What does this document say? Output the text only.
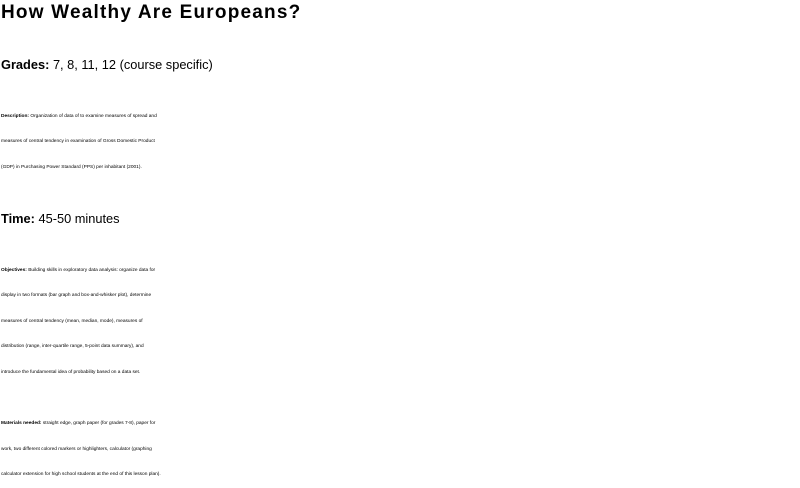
How Wealthy Are Europeans?
Grades: 7, 8, 11, 12 (course specific)
Description: Organization of data of to examine measures of spread and
measures of central tendency in examination of Gross Domestic Product
(GDP) in Purchasing Power Standard (PPS) per inhabitant (2001).
Time: 45-50 minutes
Objectives: Building skills in exploratory data analysis: organize data for
display in two formats (bar graph and box-and-whisker plot), determine
measures of central tendency (mean, median, mode), measures of
distribution (range, inter-quartile range, 5-point data summary), and
introduce the fundamental idea of probability based on a data set.
Materials needed: straight edge, graph paper (for grades 7-8), paper for
work, two different colored markers or highlighters, calculator (graphing
calculator extension for high school students at the end of this lesson plan).
